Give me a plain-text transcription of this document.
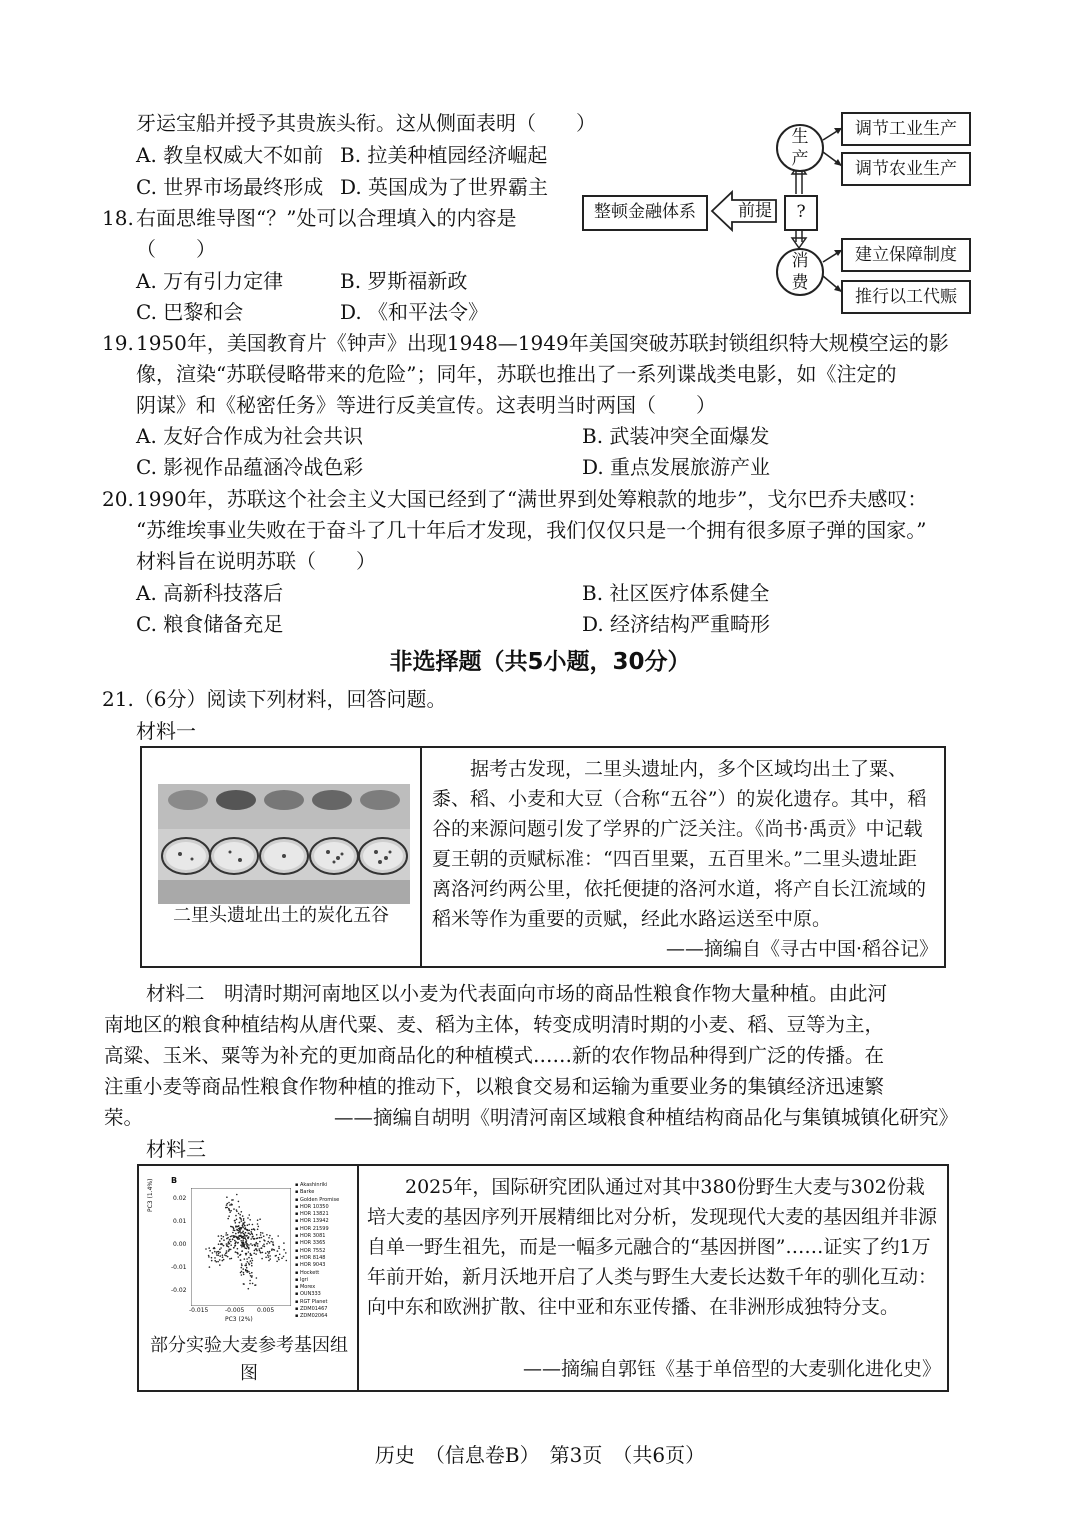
牙运宝船并授予其贵族头衔。这从侧面表明（　　）
A. 教皇权威大不如前 B. 拉美种植园经济崛起
C. 世界市场最终形成 D. 英国成为了世界霸主
18. 右面思维导图“？”处可以合理填入的内容是
（　　）
A. 万有引力定律	B. 罗斯福新政
C. 巴黎和会	D. 《和平法令》
整顿金融体系	前提	?
生
产
消
费
调节工业生产
调节农业生产
建立保障制度
推行以工代赈
19. 1950年，美国教育片《钟声》出现1948—1949年美国突破苏联封锁组织特大规模空运的影
像，渲染“苏联侵略带来的危险”；同年，苏联也推出了一系列谍战类电影，如《注定的
阴谋》和《秘密任务》等进行反美宣传。这表明当时两国（　　）
A. 友好合作成为社会共识	B. 武装冲突全面爆发
C. 影视作品蕴涵冷战色彩	D. 重点发展旅游产业
20. 1990年，苏联这个社会主义大国已经到了“满世界到处筹粮款的地步”，戈尔巴乔夫感叹：
“苏维埃事业失败在于奋斗了几十年后才发现，我们仅仅只是一个拥有很多原子弹的国家。”
材料旨在说明苏联（　　）
A. 高新科技落后	B. 社区医疗体系健全
C. 粮食储备充足	D. 经济结构严重畸形
非选择题（共5小题，30分）
21.（6分）阅读下列材料，回答问题。
材料一
二里头遗址出土的炭化五谷
据考古发现，二里头遗址内，多个区域均出土了粟、黍、稻、小麦和大豆（合称“五谷”）的炭化遗存。其中，稻谷的来源问题引发了学界的广泛关注。《尚书·禹贡》中记载夏王朝的贡赋标准：“四百里粟，五百里米。”二里头遗址距离洛河约两公里，依托便捷的洛河水道，将产自长江流域的稻米等作为重要的贡赋，经此水路运送至中原。
——摘编自《寻古中国·稻谷记》
材料二　明清时期河南地区以小麦为代表面向市场的商品性粮食作物大量种植。由此河
南地区的粮食种植结构从唐代粟、麦、稻为主体，转变成明清时期的小麦、稻、豆等为主，
高粱、玉米、粟等为补充的更加商品化的种植模式……新的农作物品种得到广泛的传播。在
注重小麦等商品性粮食作物种植的推动下，以粮食交易和运输为重要业务的集镇经济迅速繁
荣。	——摘编自胡明《明清河南区域粮食种植结构商品化与集镇城镇化研究》
材料三
B
PC3 (1.4%)	0.02
0.01
0.00
-0.01
-0.02
-0.015	-0.005 0.005
PC3 (2%)
▪ Akashinriki
▪ Barke
▪ Golden Promise
▪ HOR 10350
▪ HOR 13821
▪ HOR 13942
▪ HOR 21599
▪ HOR 3081
▪ HOR 3365
▪ HOR 7552
▪ HOR 8148
▪ HOR 9043
▪ Hockett
▪ Igri
▪ Morex
▪ OUN333
▪ RGT Planet
▪ ZDM01467
▪ ZDM02064
部分实验大麦参考基因组图
2025年，国际研究团队通过对其中380份野生大麦与302份栽培大麦的基因序列开展精细比对分析，发现现代大麦的基因组并非源自单一野生祖先，而是一幅多元融合的“基因拼图”……证实了约1万年前开始，新月沃地开启了人类与野生大麦长达数千年的驯化互动：向中东和欧洲扩散、往中亚和东亚传播、在非洲形成独特分支。
——摘编自郭钰《基于单倍型的大麦驯化进化史》
历史　（信息卷B）　第3页　（共6页）
